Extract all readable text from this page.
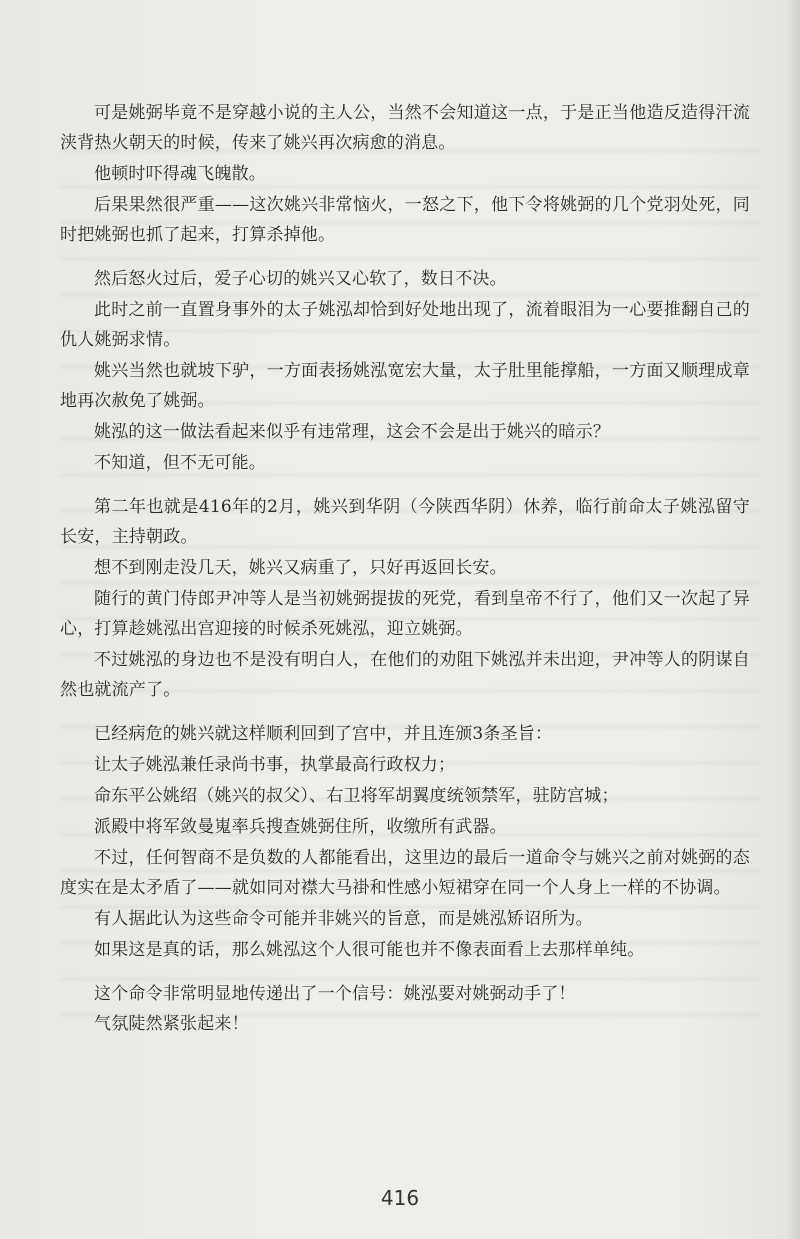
可是姚弼毕竟不是穿越小说的主人公，当然不会知道这一点，于是正当他造反造得汗流浃背热火朝天的时候，传来了姚兴再次病愈的消息。

他顿时吓得魂飞魄散。

后果果然很严重——这次姚兴非常恼火，一怒之下，他下令将姚弼的几个党羽处死，同时把姚弼也抓了起来，打算杀掉他。

然后怒火过后，爱子心切的姚兴又心软了，数日不决。

此时之前一直置身事外的太子姚泓却恰到好处地出现了，流着眼泪为一心要推翻自己的仇人姚弼求情。

姚兴当然也就坡下驴，一方面表扬姚泓宽宏大量，太子肚里能撑船，一方面又顺理成章地再次赦免了姚弼。

姚泓的这一做法看起来似乎有违常理，这会不会是出于姚兴的暗示？

不知道，但不无可能。

第二年也就是416年的2月，姚兴到华阴（今陕西华阴）休养，临行前命太子姚泓留守长安，主持朝政。

想不到刚走没几天，姚兴又病重了，只好再返回长安。

随行的黄门侍郎尹冲等人是当初姚弼提拔的死党，看到皇帝不行了，他们又一次起了异心，打算趁姚泓出宫迎接的时候杀死姚泓，迎立姚弼。

不过姚泓的身边也不是没有明白人，在他们的劝阻下姚泓并未出迎，尹冲等人的阴谋自然也就流产了。

已经病危的姚兴就这样顺利回到了宫中，并且连颁3条圣旨：

让太子姚泓兼任录尚书事，执掌最高行政权力；

命东平公姚绍（姚兴的叔父）、右卫将军胡翼度统领禁军，驻防宫城；

派殿中将军敛曼嵬率兵搜查姚弼住所，收缴所有武器。

不过，任何智商不是负数的人都能看出，这里边的最后一道命令与姚兴之前对姚弼的态度实在是太矛盾了——就如同对襟大马褂和性感小短裙穿在同一个人身上一样的不协调。

有人据此认为这些命令可能并非姚兴的旨意，而是姚泓矫诏所为。

如果这是真的话，那么姚泓这个人很可能也并不像表面看上去那样单纯。

这个命令非常明显地传递出了一个信号：姚泓要对姚弼动手了！

气氛陡然紧张起来！

416
